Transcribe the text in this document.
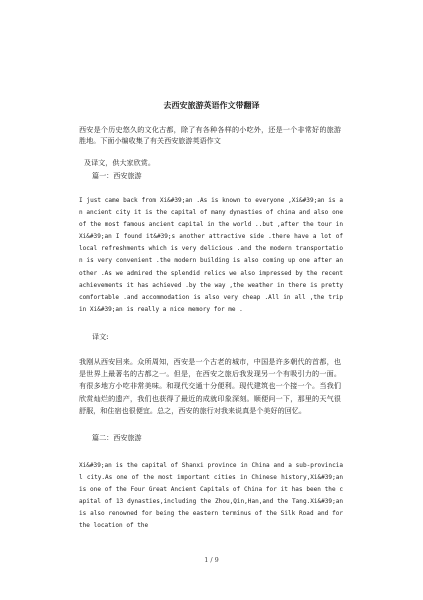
去西安旅游英语作文带翻译

西安是个历史悠久的文化古都，除了有各种各样的小吃外，还是一个非常好的旅游胜地。下面小编收集了有关西安旅游英语作文

及译文，供大家欣赏。

篇一：西安旅游

I just came back from Xi&#39;an .As is known to everyone ,Xi&#39;an is an ancient city it is the capital of many dynasties of china and also one of the most famous ancient capital in the world ..but ,after the tour in Xi&#39;an I found it&#39;s another attractive side .there have a lot of local refreshments which is very delicious .and the modern transportation is very convenient .the modern building is also coming up one after another .As we admired the splendid relics we also impressed by the recent achievements it has achieved .by the way ,the weather in there is pretty comfortable .and accommodation is also very cheap .All in all ,the trip in Xi&#39;an is really a nice memory for me .

译文:

我刚从西安回来。众所周知，西安是一个古老的城市，中国是许多朝代的首都，也是世界上最著名的古都之一。但是，在西安之旅后我发现另一个有吸引力的一面。有很多地方小吃非常美味。和现代交通十分便利。现代建筑也一个接一个。当我们欣赏灿烂的遗产，我们也获得了最近的成就印象深刻。顺便问一下，那里的天气很舒服，和住宿也很便宜。总之，西安的旅行对我来说真是个美好的回忆。

篇二：西安旅游

Xi&#39;an is the capital of Shanxi province in China and a sub-provincial city.As one of the most important cities in Chinese history,Xi&#39;an is one of the Four Great Ancient Capitals of China for it has been the capital of 13 dynasties,including the Zhou,Qin,Han,and the Tang.Xi&#39;an is also renowned for being the eastern terminus of the Silk Road and for the location of the

1 / 9
